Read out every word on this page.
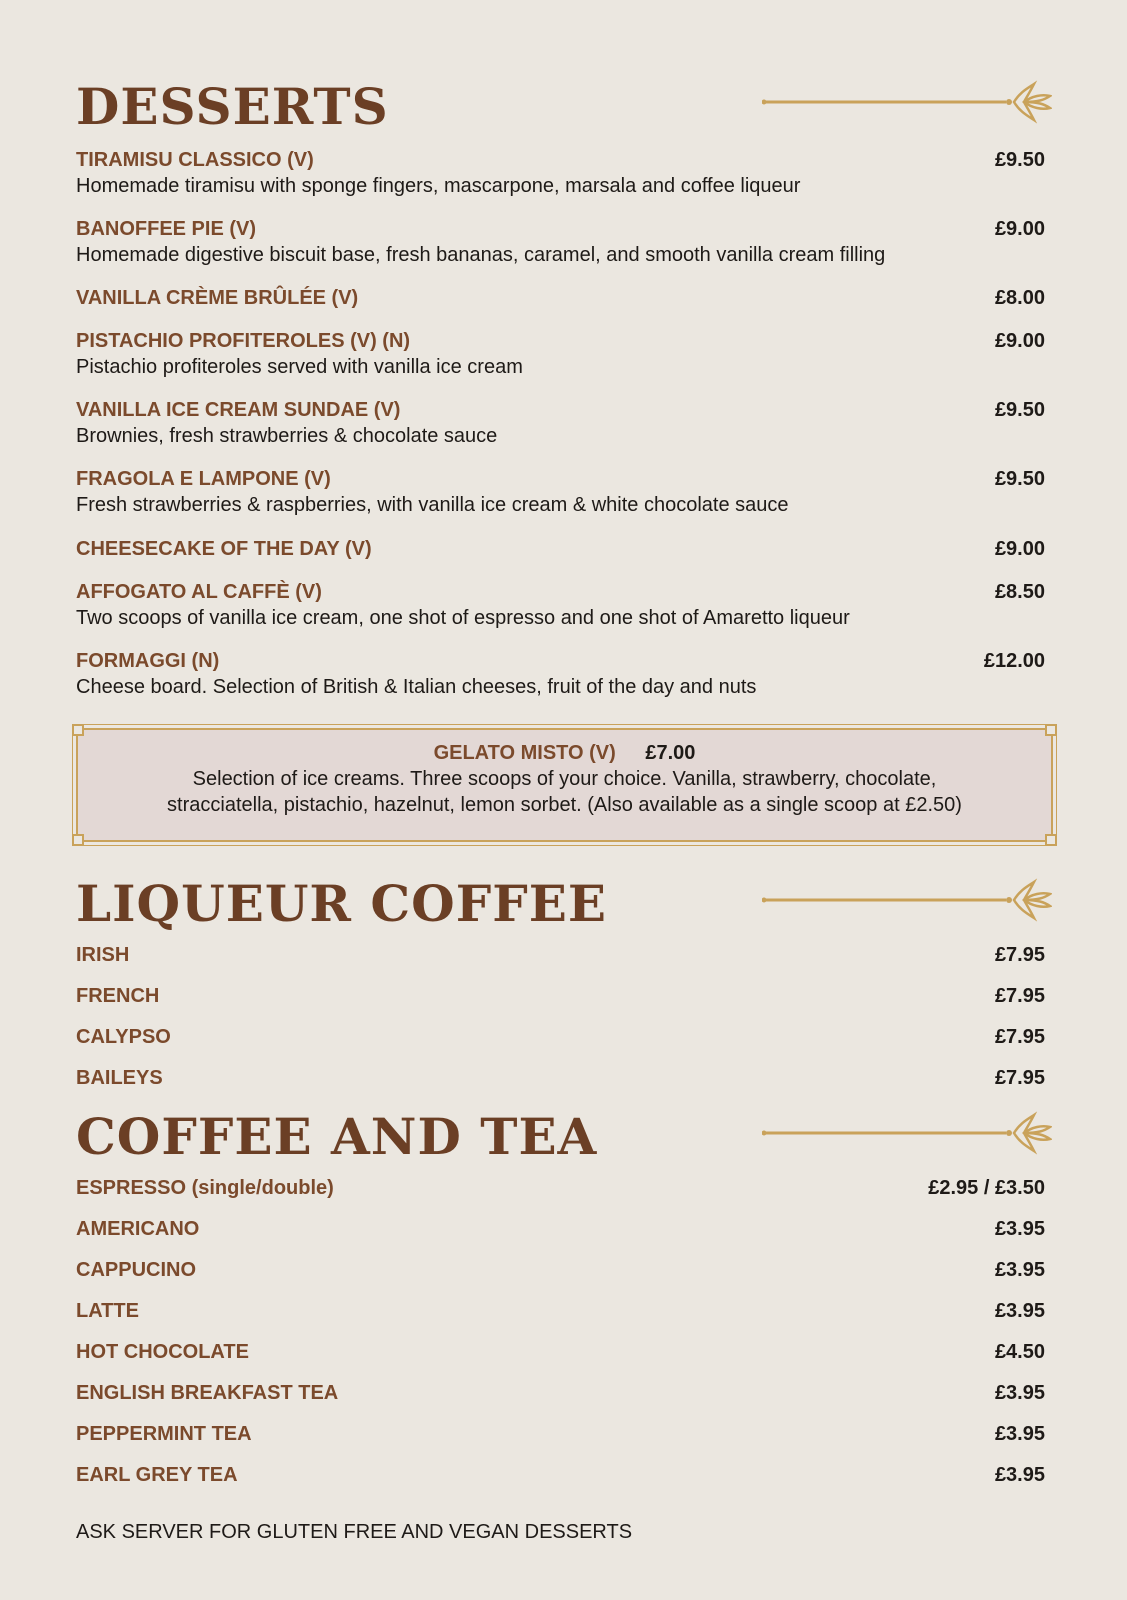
DESSERTS
TIRAMISU CLASSICO (V)	£9.50
Homemade tiramisu with sponge fingers, mascarpone, marsala and coffee liqueur
BANOFFEE PIE (V)	£9.00
Homemade digestive biscuit base, fresh bananas, caramel, and smooth vanilla cream filling
VANILLA CRÈME BRÛLÉE (V)	£8.00
PISTACHIO PROFITEROLES (V) (N)	£9.00
Pistachio profiteroles served with vanilla ice cream
VANILLA ICE CREAM SUNDAE (V)	£9.50
Brownies, fresh strawberries & chocolate sauce
FRAGOLA E LAMPONE (V)	£9.50
Fresh strawberries & raspberries, with vanilla ice cream & white chocolate sauce
CHEESECAKE OF THE DAY (V)	£9.00
AFFOGATO AL CAFFÈ (V)	£8.50
Two scoops of vanilla ice cream, one shot of espresso and one shot of Amaretto liqueur
FORMAGGI (N)	£12.00
Cheese board. Selection of British & Italian cheeses, fruit of the day and nuts
GELATO MISTO (V) £7.00
Selection of ice creams. Three scoops of your choice. Vanilla, strawberry, chocolate,
stracciatella, pistachio, hazelnut, lemon sorbet. (Also available as a single scoop at £2.50)
LIQUEUR COFFEE
IRISH	£7.95
FRENCH	£7.95
CALYPSO	£7.95
BAILEYS	£7.95
COFFEE AND TEA
ESPRESSO (single/double)	£2.95 / £3.50
AMERICANO	£3.95
CAPPUCINO	£3.95
LATTE	£3.95
HOT CHOCOLATE	£4.50
ENGLISH BREAKFAST TEA	£3.95
PEPPERMINT TEA	£3.95
EARL GREY TEA	£3.95
ASK SERVER FOR GLUTEN FREE AND VEGAN DESSERTS
